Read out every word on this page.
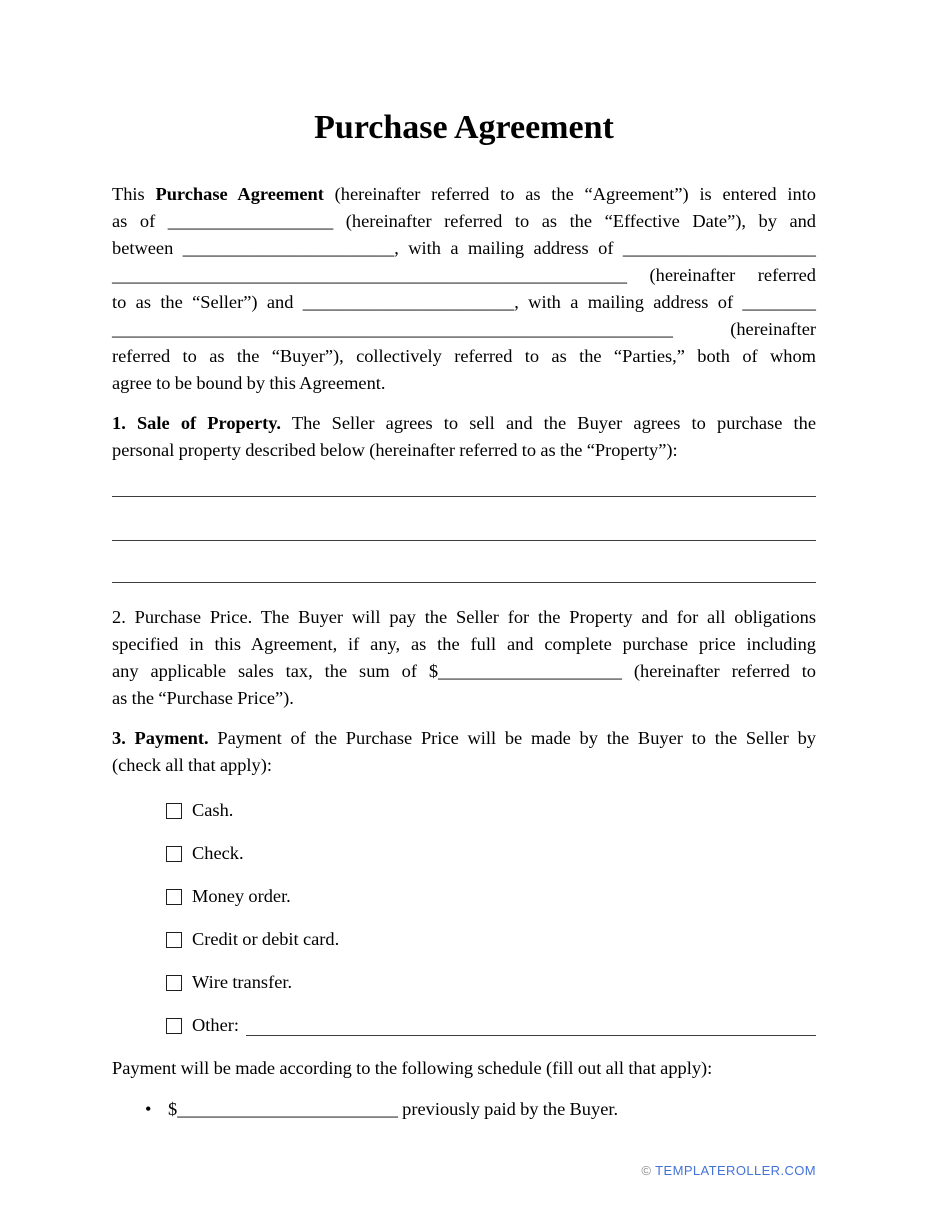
Purchase Agreement
This Purchase Agreement (hereinafter referred to as the “Agreement”) is entered into
as of __________________ (hereinafter referred to as the “Effective Date”), by and
between _______________________, with a mailing address of _____________________
________________________________________________________ (hereinafter referred
to as the “Seller”) and _______________________, with a mailing address of ________
_____________________________________________________________ (hereinafter
referred to as the “Buyer”), collectively referred to as the “Parties,” both of whom
agree to be bound by this Agreement.
1. Sale of Property. The Seller agrees to sell and the Buyer agrees to purchase the
personal property described below (hereinafter referred to as the “Property”):
2. Purchase Price. The Buyer will pay the Seller for the Property and for all obligations
specified in this Agreement, if any, as the full and complete purchase price including
any applicable sales tax, the sum of $____________________ (hereinafter referred to
as the “Purchase Price”).
3. Payment. Payment of the Purchase Price will be made by the Buyer to the Seller by
(check all that apply):
Cash.
Check.
Money order.
Credit or debit card.
Wire transfer.
Other:
Payment will be made according to the following schedule (fill out all that apply):
• $________________________ previously paid by the Buyer.
© TEMPLATEROLLER.COM
